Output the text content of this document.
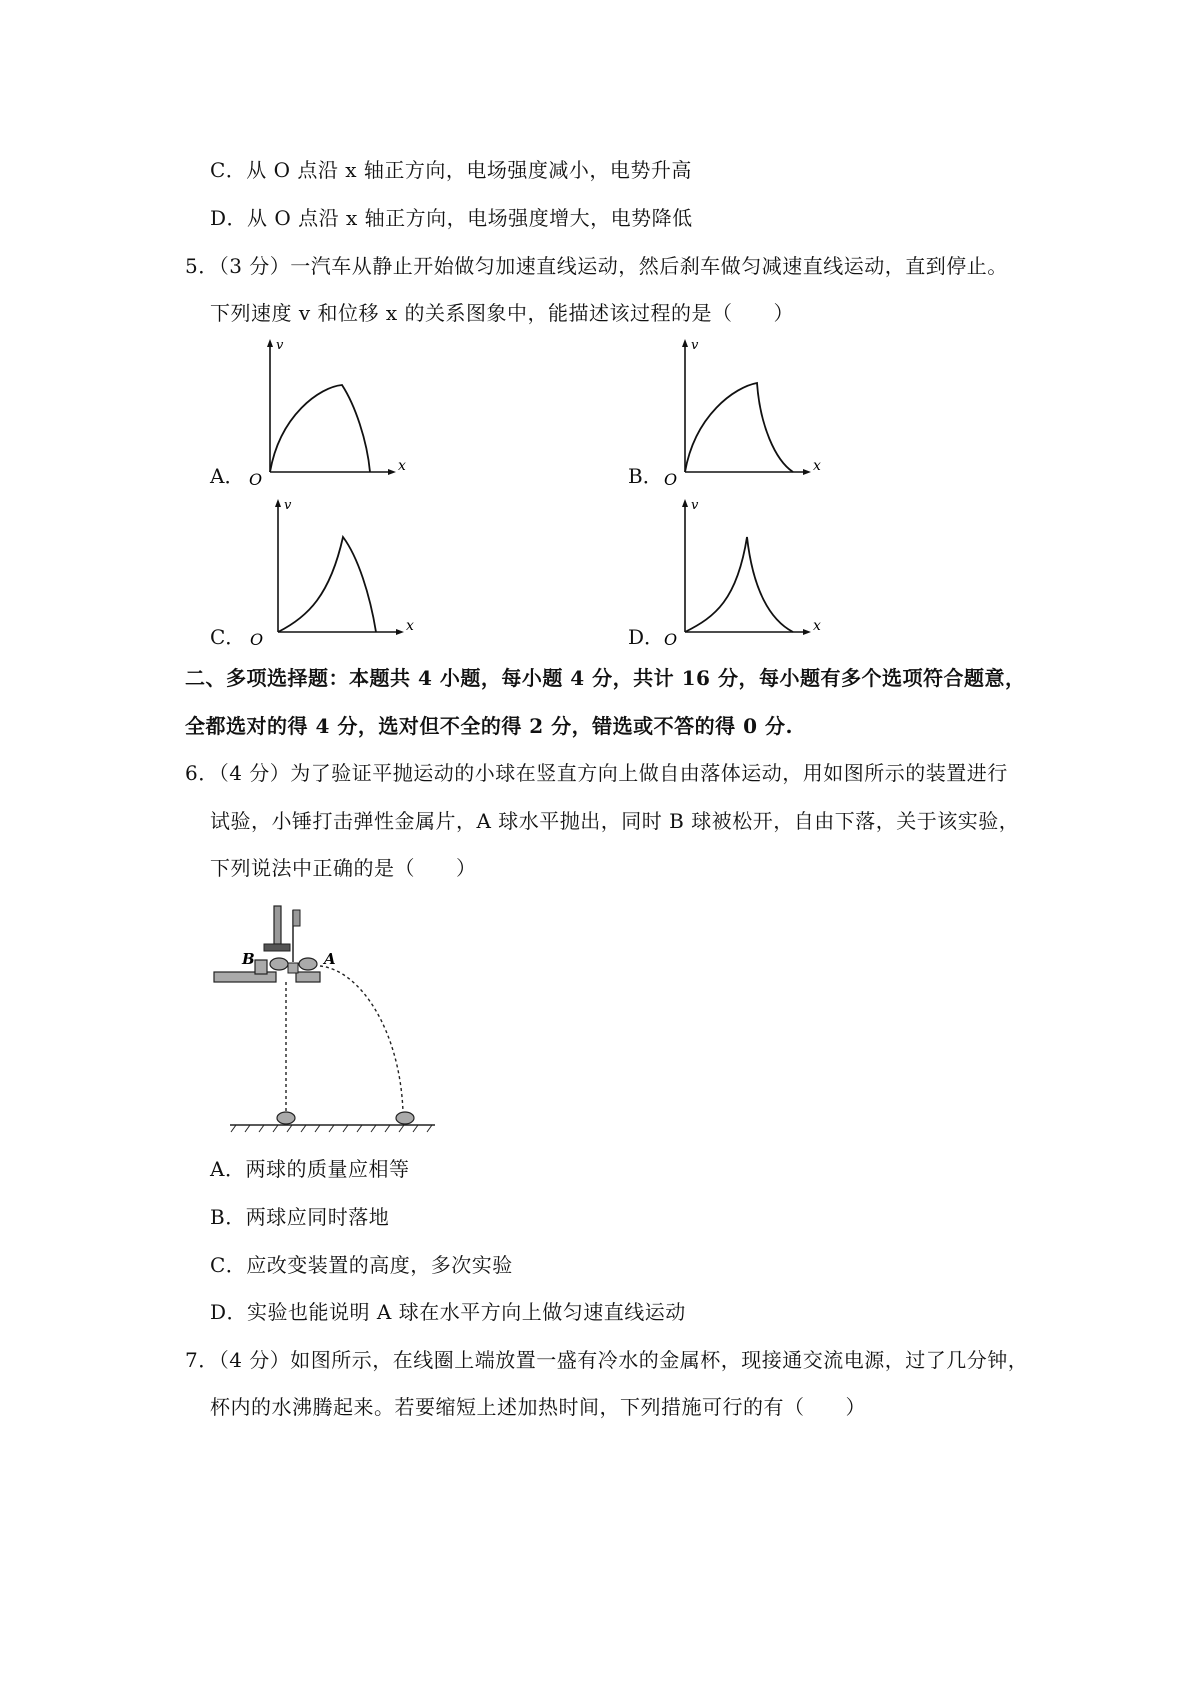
C．从 O 点沿 x 轴正方向，电场强度减小，电势升高
D．从 O 点沿 x 轴正方向，电场强度增大，电势降低
5．（3 分）一汽车从静止开始做匀加速直线运动，然后刹车做匀减速直线运动，直到停止。
下列速度 v 和位移 x 的关系图象中，能描述该过程的是（　　）
A．
v
x
O	B．
v
x
O
C．
v
x
O	D．
v
x
O
二、多项选择题：本题共 4 小题，每小题 4 分，共计 16 分，每小题有多个选项符合题意，
全都选对的得 4 分，选对但不全的得 2 分，错选或不答的得 0 分.
6．（4 分）为了验证平抛运动的小球在竖直方向上做自由落体运动，用如图所示的装置进行
试验，小锤打击弹性金属片，A 球水平抛出，同时 B 球被松开，自由下落，关于该实验，
下列说法中正确的是（　　）
B	A
A．两球的质量应相等
B．两球应同时落地
C．应改变装置的高度，多次实验
D．实验也能说明 A 球在水平方向上做匀速直线运动
7．（4 分）如图所示，在线圈上端放置一盛有冷水的金属杯，现接通交流电源，过了几分钟，
杯内的水沸腾起来。若要缩短上述加热时间，下列措施可行的有（　　）
